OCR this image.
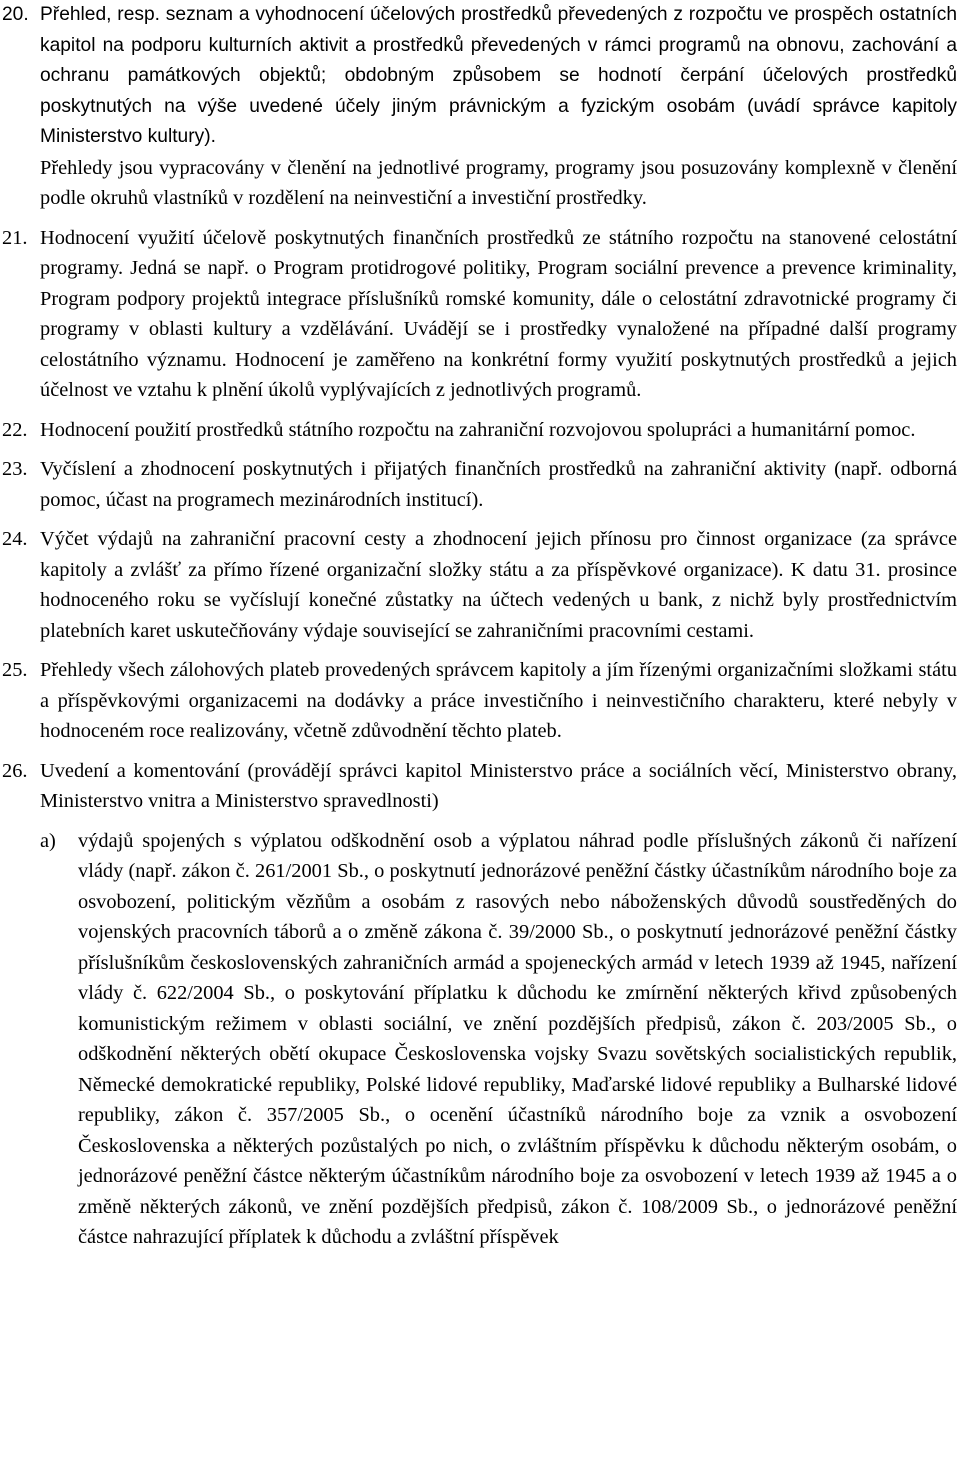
20. Přehled, resp. seznam a vyhodnocení účelových prostředků převedených z rozpočtu ve prospěch ostatních kapitol na podporu kulturních aktivit a prostředků převedených v rámci programů na obnovu, zachování a ochranu památkových objektů; obdobným způsobem se hodnotí čerpání účelových prostředků poskytnutých na výše uvedené účely jiným právnickým a fyzickým osobám (uvádí správce kapitoly Ministerstvo kultury).

Přehledy jsou vypracovány v členění na jednotlivé programy, programy jsou posuzovány komplexně v členění podle okruhů vlastníků v rozdělení na neinvestiční a investiční prostředky.

21. Hodnocení využití účelově poskytnutých finančních prostředků ze státního rozpočtu na stanovené celostátní programy. Jedná se např. o Program protidrogové politiky, Program sociální prevence a prevence kriminality, Program podpory projektů integrace příslušníků romské komunity, dále o celostátní zdravotnické programy či programy v oblasti kultury a vzdělávání. Uvádějí se i prostředky vynaložené na případné další programy celostátního významu. Hodnocení je zaměřeno na konkrétní formy využití poskytnutých prostředků a jejich účelnost ve vztahu k plnění úkolů vyplývajících z jednotlivých programů.

22. Hodnocení použití prostředků státního rozpočtu na zahraniční rozvojovou spolupráci a humanitární pomoc.

23. Vyčíslení a zhodnocení poskytnutých i přijatých finančních prostředků na zahraniční aktivity (např. odborná pomoc, účast na programech mezinárodních institucí).

24. Výčet výdajů na zahraniční pracovní cesty a zhodnocení jejich přínosu pro činnost organizace (za správce kapitoly a zvlášť za přímo řízené organizační složky státu a za příspěvkové organizace). K datu 31. prosince hodnoceného roku se vyčíslují konečné zůstatky na účtech vedených u bank, z nichž byly prostřednictvím platebních karet uskutečňovány výdaje související se zahraničními pracovními cestami.

25. Přehledy všech zálohových plateb provedených správcem kapitoly a jím řízenými organizačními složkami státu a příspěvkovými organizacemi na dodávky a práce investičního i neinvestičního charakteru, které nebyly v hodnoceném roce realizovány, včetně zdůvodnění těchto plateb.

26. Uvedení a komentování (provádějí správci kapitol Ministerstvo práce a sociálních věcí, Ministerstvo obrany, Ministerstvo vnitra a Ministerstvo spravedlnosti)

a) výdajů spojených s výplatou odškodnění osob a výplatou náhrad podle příslušných zákonů či nařízení vlády (např. zákon č. 261/2001 Sb., o poskytnutí jednorázové peněžní částky účastníkům národního boje za osvobození, politickým vězňům a osobám z rasových nebo náboženských důvodů soustředěných do vojenských pracovních táborů a o změně zákona č. 39/2000 Sb., o poskytnutí jednorázové peněžní částky příslušníkům československých zahraničních armád a spojeneckých armád v letech 1939 až 1945, nařízení vlády č. 622/2004 Sb., o poskytování příplatku k důchodu ke zmírnění některých křivd způsobených komunistickým režimem v oblasti sociální, ve znění pozdějších předpisů, zákon č. 203/2005 Sb., o odškodnění některých obětí okupace Československa vojsky Svazu sovětských socialistických republik, Německé demokratické republiky, Polské lidové republiky, Maďarské lidové republiky a Bulharské lidové republiky, zákon č. 357/2005 Sb., o ocenění účastníků národního boje za vznik a osvobození Československa a některých pozůstalých po nich, o zvláštním příspěvku k důchodu některým osobám, o jednorázové peněžní částce některým účastníkům národního boje za osvobození v letech 1939 až 1945 a o změně některých zákonů, ve znění pozdějších předpisů, zákon č. 108/2009 Sb., o jednorázové peněžní částce nahrazující příplatek k důchodu a zvláštní příspěvek
